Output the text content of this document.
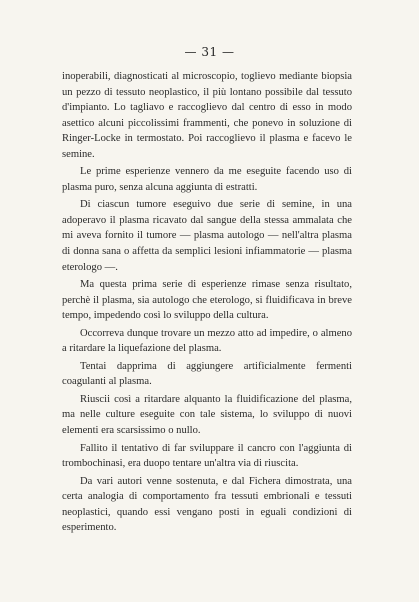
— 31 —

inoperabili, diagnosticati al microscopio, toglievo mediante biopsia un pezzo di tessuto neoplastico, il più lontano possibile dal tessuto d'impianto. Lo tagliavo e raccoglievo dal centro di esso in modo asettico alcuni piccolissimi frammenti, che ponevo in soluzione di Ringer-Locke in termostato. Poi raccoglievo il plasma e facevo le semine.

Le prime esperienze vennero da me eseguite facendo uso di plasma puro, senza alcuna aggiunta di estratti.

Di ciascun tumore eseguivo due serie di semine, in una adoperavo il plasma ricavato dal sangue della stessa ammalata che mi aveva fornito il tumore — plasma autologo — nell'altra plasma di donna sana o affetta da semplici lesioni infiammatorie — plasma eterologo —.

Ma questa prima serie di esperienze rimase senza risultato, perchè il plasma, sia autologo che eterologo, si fluidificava in breve tempo, impedendo così lo sviluppo della cultura.

Occorreva dunque trovare un mezzo atto ad impedire, o almeno a ritardare la liquefazione del plasma.

Tentai dapprima di aggiungere artificialmente fermenti coagulanti al plasma.

Riuscii così a ritardare alquanto la fluidificazione del plasma, ma nelle culture eseguite con tale sistema, lo sviluppo di nuovi elementi era scarsissimo o nullo.

Fallito il tentativo di far sviluppare il cancro con l'aggiunta di trombochinasi, era duopo tentare un'altra via di riuscita.

Da vari autori venne sostenuta, e dal Fichera dimostrata, una certa analogia di comportamento fra tessuti embrionali e tessuti neoplastici, quando essi vengano posti in eguali condizioni di esperimento.
